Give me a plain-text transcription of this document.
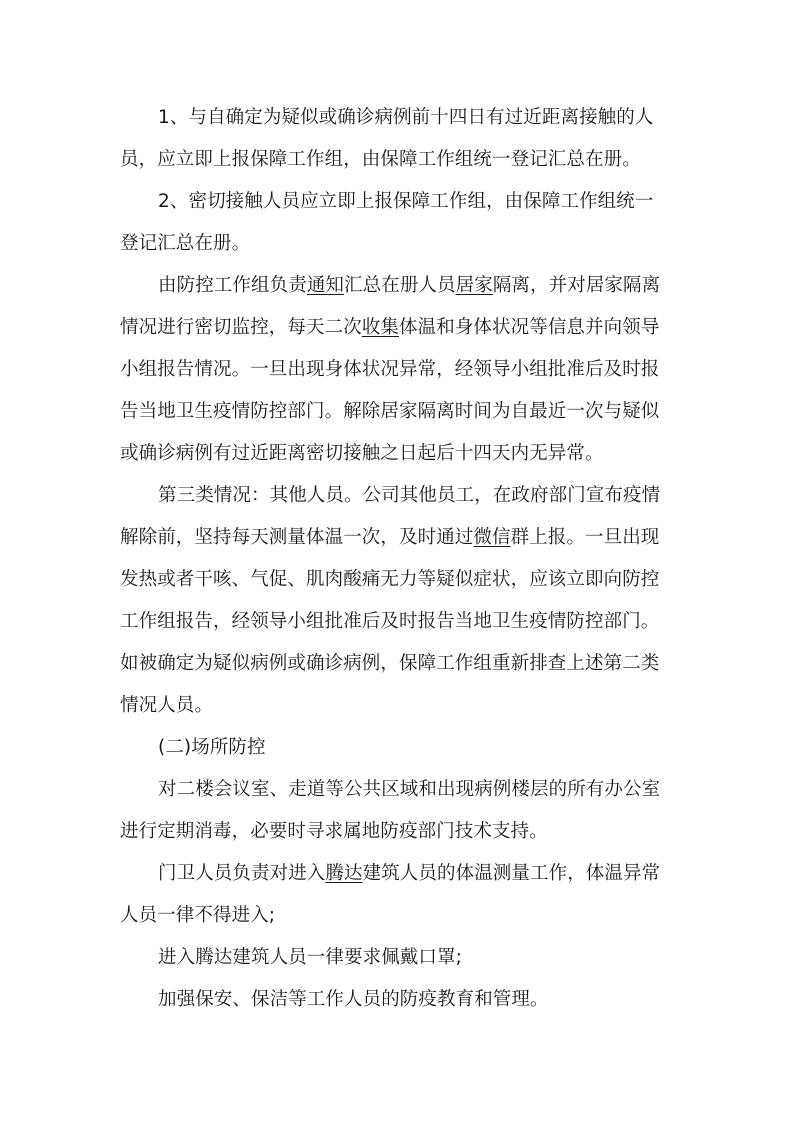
1、与自确定为疑似或确诊病例前十四日有过近距离接触的人
员，应立即上报保障工作组，由保障工作组统一登记汇总在册。
2、密切接触人员应立即上报保障工作组，由保障工作组统一
登记汇总在册。
由防控工作组负责通知汇总在册人员居家隔离，并对居家隔离
情况进行密切监控，每天二次收集体温和身体状况等信息并向领导
小组报告情况。一旦出现身体状况异常，经领导小组批准后及时报
告当地卫生疫情防控部门。解除居家隔离时间为自最近一次与疑似
或确诊病例有过近距离密切接触之日起后十四天内无异常。
第三类情况：其他人员。公司其他员工，在政府部门宣布疫情
解除前，坚持每天测量体温一次，及时通过微信群上报。一旦出现
发热或者干咳、气促、肌肉酸痛无力等疑似症状，应该立即向防控
工作组报告，经领导小组批准后及时报告当地卫生疫情防控部门。
如被确定为疑似病例或确诊病例，保障工作组重新排查上述第二类
情况人员。
(二)场所防控
对二楼会议室、走道等公共区域和出现病例楼层的所有办公室
进行定期消毒，必要时寻求属地防疫部门技术支持。
门卫人员负责对进入腾达建筑人员的体温测量工作，体温异常
人员一律不得进入;
进入腾达建筑人员一律要求佩戴口罩;
加强保安、保洁等工作人员的防疫教育和管理。
